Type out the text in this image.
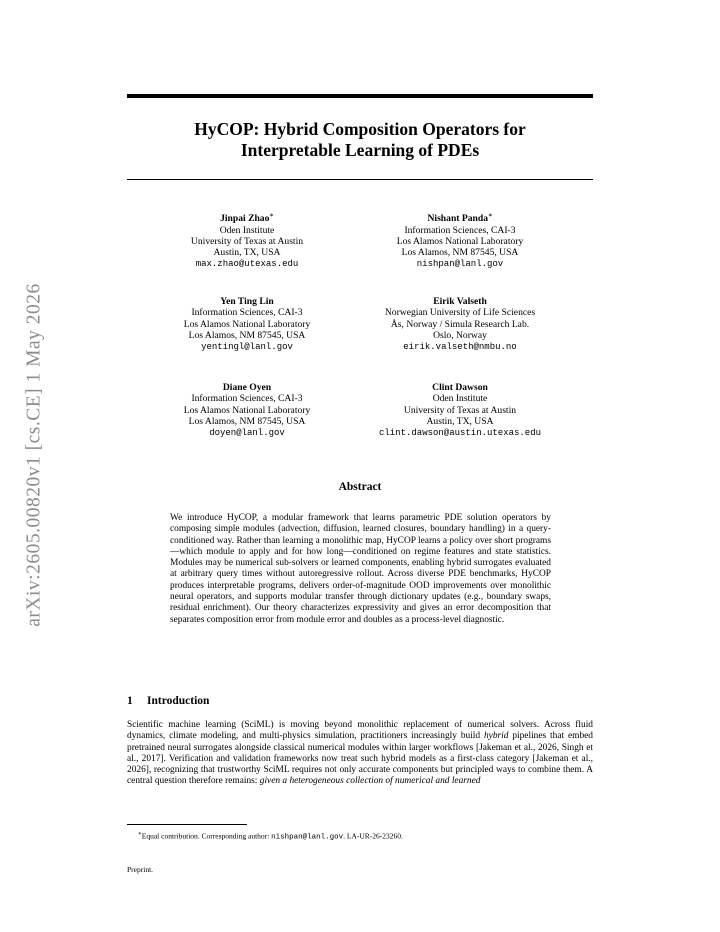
arXiv:2605.00820v1 [cs.CE] 1 May 2026
HyCOP: Hybrid Composition Operators for
Interpretable Learning of PDEs
Jinpai Zhao∗
Oden Institute
University of Texas at Austin
Austin, TX, USA
max.zhao@utexas.edu
Nishant Panda∗
Information Sciences, CAI-3
Los Alamos National Laboratory
Los Alamos, NM 87545, USA
nishpan@lanl.gov
Yen Ting Lin
Information Sciences, CAI-3
Los Alamos National Laboratory
Los Alamos, NM 87545, USA
yentingl@lanl.gov
Eirik Valseth
Norwegian University of Life Sciences
Ås, Norway / Simula Research Lab.
Oslo, Norway
eirik.valseth@nmbu.no
Diane Oyen
Information Sciences, CAI-3
Los Alamos National Laboratory
Los Alamos, NM 87545, USA
doyen@lanl.gov
Clint Dawson
Oden Institute
University of Texas at Austin
Austin, TX, USA
clint.dawson@austin.utexas.edu
Abstract
We introduce HyCOP, a modular framework that learns parametric PDE solution operators by composing simple modules (advection, diffusion, learned closures, boundary handling) in a query-conditioned way. Rather than learning a monolithic map, HyCOP learns a policy over short programs—which module to apply and for how long—conditioned on regime features and state statistics. Modules may be numerical sub-solvers or learned components, enabling hybrid surrogates evaluated at arbitrary query times without autoregressive rollout. Across diverse PDE benchmarks, HyCOP produces interpretable programs, delivers order-of-magnitude OOD improvements over monolithic neural operators, and supports modular transfer through dictionary updates (e.g., boundary swaps, residual enrichment). Our theory characterizes expressivity and gives an error decomposition that separates composition error from module error and doubles as a process-level diagnostic.
1 Introduction
Scientific machine learning (SciML) is moving beyond monolithic replacement of numerical solvers. Across fluid dynamics, climate modeling, and multi-physics simulation, practitioners increasingly build hybrid pipelines that embed pretrained neural surrogates alongside classical numerical modules within larger workflows [Jakeman et al., 2026, Singh et al., 2017]. Verification and validation frameworks now treat such hybrid models as a first-class category [Jakeman et al., 2026], recognizing that trustworthy SciML requires not only accurate components but principled ways to combine them. A central question therefore remains: given a heterogeneous collection of numerical and learned
∗Equal contribution. Corresponding author: nishpan@lanl.gov. LA-UR-26-23260.
Preprint.
